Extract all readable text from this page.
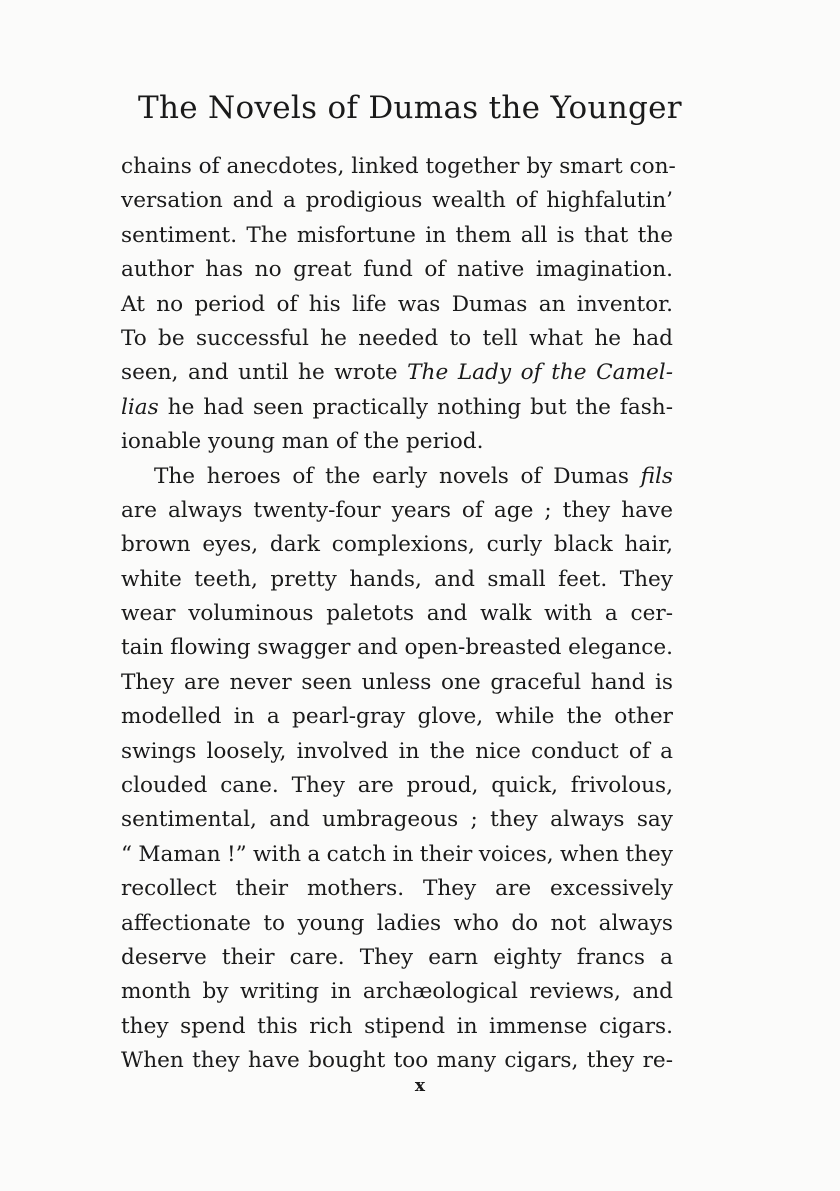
The Novels of Dumas the Younger
chains of anecdotes, linked together by smart con-
versation and a prodigious wealth of highfalutin’
sentiment. The misfortune in them all is that the
author has no great fund of native imagination.
At no period of his life was Dumas an inventor.
To be successful he needed to tell what he had
seen, and until he wrote The Lady of the Camel-
lias he had seen practically nothing but the fash-
ionable young man of the period.
The heroes of the early novels of Dumas fils
are always twenty-four years of age ; they have
brown eyes, dark complexions, curly black hair,
white teeth, pretty hands, and small feet. They
wear voluminous paletots and walk with a cer-
tain flowing swagger and open-breasted elegance.
They are never seen unless one graceful hand is
modelled in a pearl-gray glove, while the other
swings loosely, involved in the nice conduct of a
clouded cane. They are proud, quick, frivolous,
sentimental, and umbrageous ; they always say
“ Maman !” with a catch in their voices, when they
recollect their mothers. They are excessively
affectionate to young ladies who do not always
deserve their care. They earn eighty francs a
month by writing in archæological reviews, and
they spend this rich stipend in immense cigars.
When they have bought too many cigars, they re-
x
